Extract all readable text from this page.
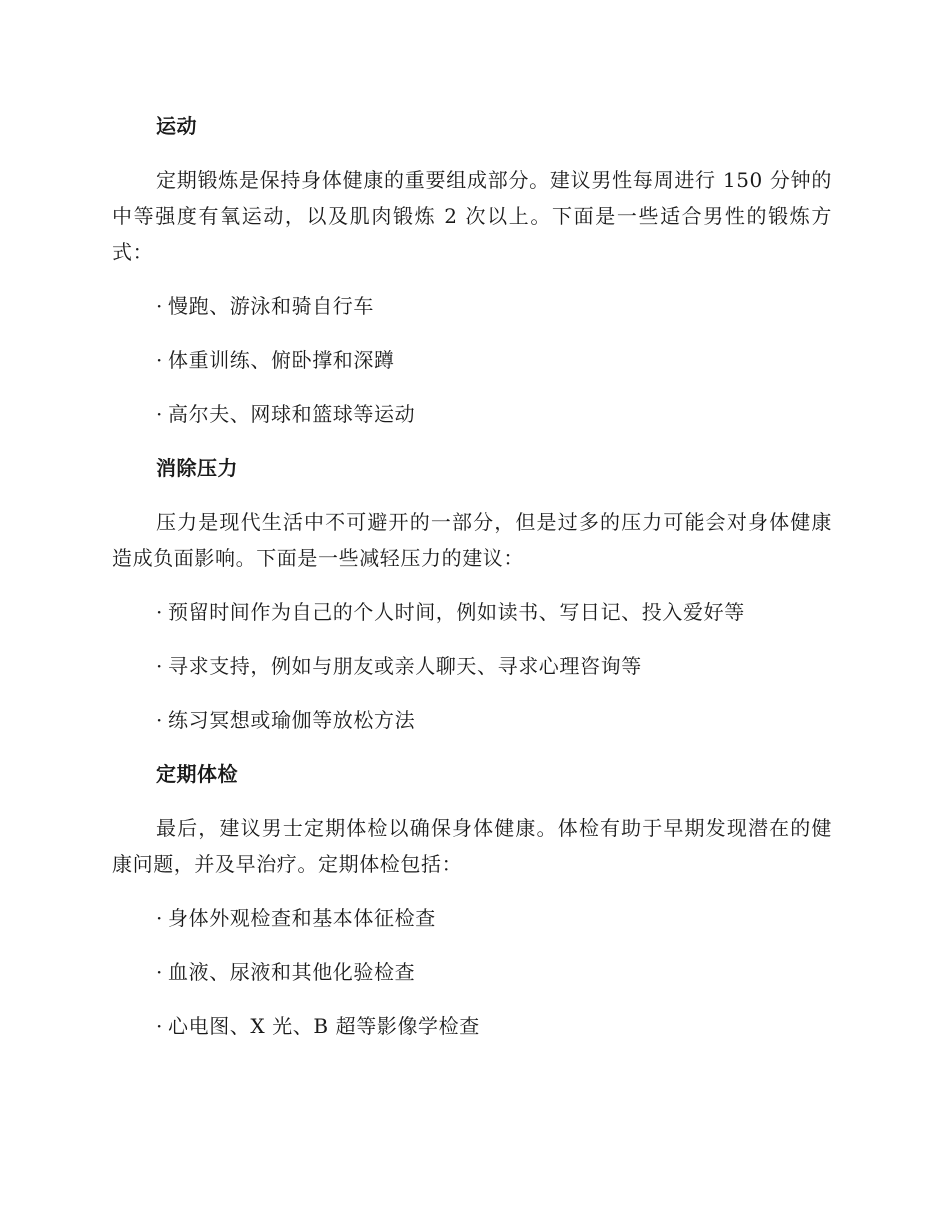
运动
定期锻炼是保持身体健康的重要组成部分。建议男性每周进行 150 分钟的中等强度有氧运动，以及肌肉锻炼 2 次以上。下面是一些适合男性的锻炼方式：
· 慢跑、游泳和骑自行车
· 体重训练、俯卧撑和深蹲
· 高尔夫、网球和篮球等运动
消除压力
压力是现代生活中不可避开的一部分，但是过多的压力可能会对身体健康造成负面影响。下面是一些减轻压力的建议：
· 预留时间作为自己的个人时间，例如读书、写日记、投入爱好等
· 寻求支持，例如与朋友或亲人聊天、寻求心理咨询等
· 练习冥想或瑜伽等放松方法
定期体检
最后，建议男士定期体检以确保身体健康。体检有助于早期发现潜在的健康问题，并及早治疗。定期体检包括：
· 身体外观检查和基本体征检查
· 血液、尿液和其他化验检查
· 心电图、X 光、B 超等影像学检查
